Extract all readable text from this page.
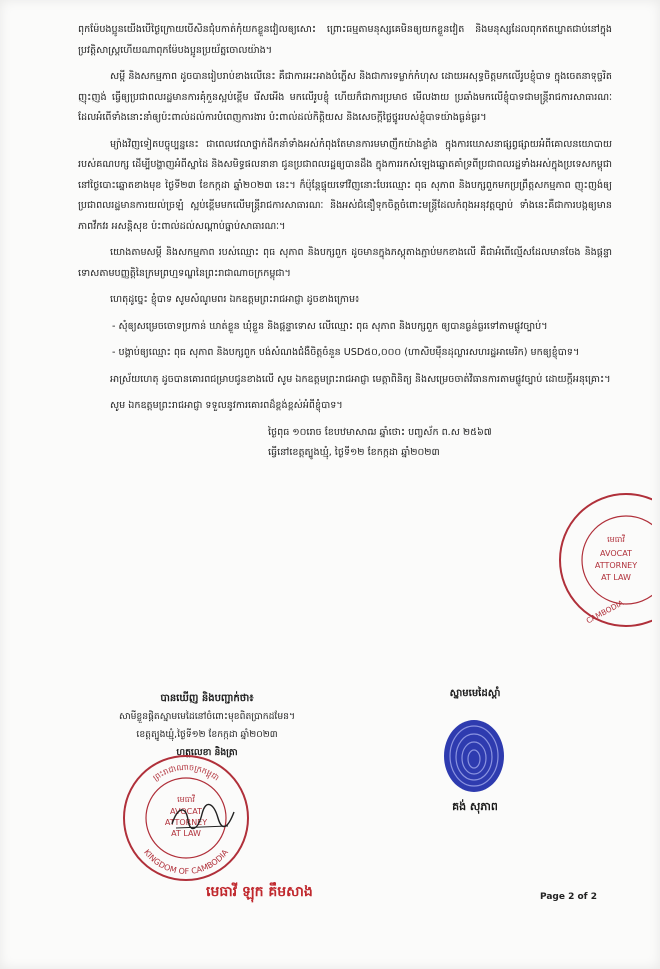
ពុកម៉ែបងប្អូនយើងបើថ្ងៃក្រោយបើសិនជុំបកាត់កុំយកខ្លួនវៀលឲ្យសោះ ព្រោះធម្មតាមនុស្សគេមិនឲ្យយកខ្លួនវៀត និងមនុស្សដែលពុកឥតឃ្លាតជាប់នៅក្នុងប្រវត្តិសាស្ត្រហើយណាពុកម៉ែបងប្អូនប្រយ័ត្នចោលយ៉ាង។

សម្ដី និងសកម្មភាព ដូចបានរៀបរាប់ខាងលើនេះ គឺជាការអះអាងបំភ្លើស និងជាការទម្លាក់កំហុស ដោយអសុទ្ធចិត្តមកលើរូបខ្ញុំបាទ ក្នុងចេតនាទុច្ចរិត ញុះញង់ ធ្វើឲ្យប្រជាពលរដ្ឋមានការគុំកួនស្អប់ខ្ពើម រើសអើង មកលើរូបខ្ញុំ ហើយក៏ជាការប្រមាថ មើលងាយ ប្រឆាំងមកលើខ្ញុំបាទជាមន្ត្រីរាជការសាធារណៈ ដែលអំពើទាំងនោះនាំឲ្យប៉ះពាល់ដល់ការបំពេញការងារ ប៉ះពាល់ដល់កិត្តិយស និងសេចក្ដីថ្លៃថ្នូររបស់ខ្ញុំបាទយ៉ាងធ្ងន់ធ្ងរ។

ម្យ៉ាងវិញទៀតបច្ចុប្បន្ននេះ ជាពេលវេលាថ្នាក់ដឹកនាំទាំងអស់កំពុងតែមានការមមាញឹកយ៉ាងខ្លាំង ក្នុងការឃោសនាផ្សព្វផ្សាយអំពីគោលនយោបាយរបស់គណបក្ស ដើម្បីបង្ហាញអំពីស្នាដៃ និងសមិទ្ធផលនានា ជូនប្រជាពលរដ្ឋឲ្យបានដឹង ក្នុងការរកសំឡេងឆ្នោតគាំទ្រពីប្រជាពលរដ្ឋទាំងអស់ក្នុងប្រទេសកម្ពុជា នៅថ្ងៃបោះឆ្នោតខាងមុខ ថ្ងៃទី២៣ ខែកក្កដា ឆ្នាំ២០២៣ នេះ។ ក៏ប៉ុន្តែផ្ទុយទៅវិញនោះបែរឈ្មោះ ពុធ សុភាព និងបក្សពួកមកប្រព្រឹត្តសកម្មភាព ញុះញង់ឲ្យប្រជាពលរដ្ឋមានការយល់ច្រឡំ ស្អប់ខ្ពើមមកលើមន្ត្រីរាជការសាធារណៈ និងអស់ជំនឿទុកចិត្តចំពោះមន្ត្រីដែលកំពុងអនុវត្តច្បាប់ ទាំងនេះគឺជាការបង្កឲ្យមានភាពវឹកវរ អសន្តិសុខ ប៉ះពាល់ដល់សណ្ដាប់ធ្នាប់សាធារណៈ។

យោងតាមសម្ដី និងសកម្មភាព របស់ឈ្មោះ ពុធ សុភាព និងបក្សពួក ដូចមានក្នុងភស្តុតាងភ្ជាប់មកខាងលើ គឺជាអំពើល្មើសដែលមានចែង និងផ្តន្ទាទោសតាមបញ្ញត្តិនៃក្រមព្រហ្មទណ្ឌនៃព្រះរាជាណាចក្រកម្ពុជា។

ហេតុដូច្នេះ ខ្ញុំបាទ សូមសំណូមពរ ឯកឧត្តមព្រះរាជអាជ្ញា ដូចខាងក្រោម៖

- សុំឲ្យសម្រេចចោទប្រកាន់ ឃាត់ខ្លួន ឃុំខ្លួន និងផ្តន្ទាទោស លើឈ្មោះ ពុធ សុភាព និងបក្សពួក ឲ្យបានធ្ងន់ធ្ងរទៅតាមផ្លូវច្បាប់។

- បង្គាប់ឲ្យឈ្មោះ ពុធ សុភាព និងបក្សពួក បង់សំណងជំងឺចិត្តចំនួន USD៥០,០០០ (ហាសិបម៉ឺនដុល្លារសហរដ្ឋអាមេរិក) មកឲ្យខ្ញុំបាទ។

អាស្រ័យហេតុ ដូចបានគោរពជម្រាបជូនខាងលើ សូម ឯកឧត្តមព្រះរាជអាជ្ញា មេត្តាពិនិត្យ និងសម្រេចចាត់វិធានការតាមផ្លូវច្បាប់ ដោយក្ដីអនុគ្រោះ។

សូម ឯកឧត្តមព្រះរាជអាជ្ញា ទទួលនូវការគោរពដ៏ខ្ពង់ខ្ពស់អំពីខ្ញុំបាទ។

ថ្ងៃពុធ ១០រោច ខែបឋមាសាឍ ឆ្នាំថោះ បញ្ចស័ក ព.ស ២៥៦៧

ធ្វើនៅខេត្តត្បូងឃ្មុំ, ថ្ងៃទី១២ ខែកក្កដា ឆ្នាំ២០២៣

បានឃើញ និងបញ្ជាក់ថា៖
សាមីខ្លួនផ្តិតស្នាមមេដៃនៅចំពោះមុខពិតប្រាកដមែន។
ខេត្តត្បូងឃ្មុំ,ថ្ងៃទី១២ ខែកក្កដា ឆ្នាំ២០២៣
ហត្ថលេខា និងត្រា
ព្រះរាជាណាចក្រកម្ពុជា
KINGDOM OF CAMBODIA
មេធាវី
AVOCAT
ATTORNEY
AT LAW
មេធាវី
AVOCAT
ATTORNEY
AT LAW
CAMBODIA
ស្នាមមេដៃស្ដាំ
គង់ សុភាព
មេធាវី ឡុក គឹមសាង	Page 2 of 2
